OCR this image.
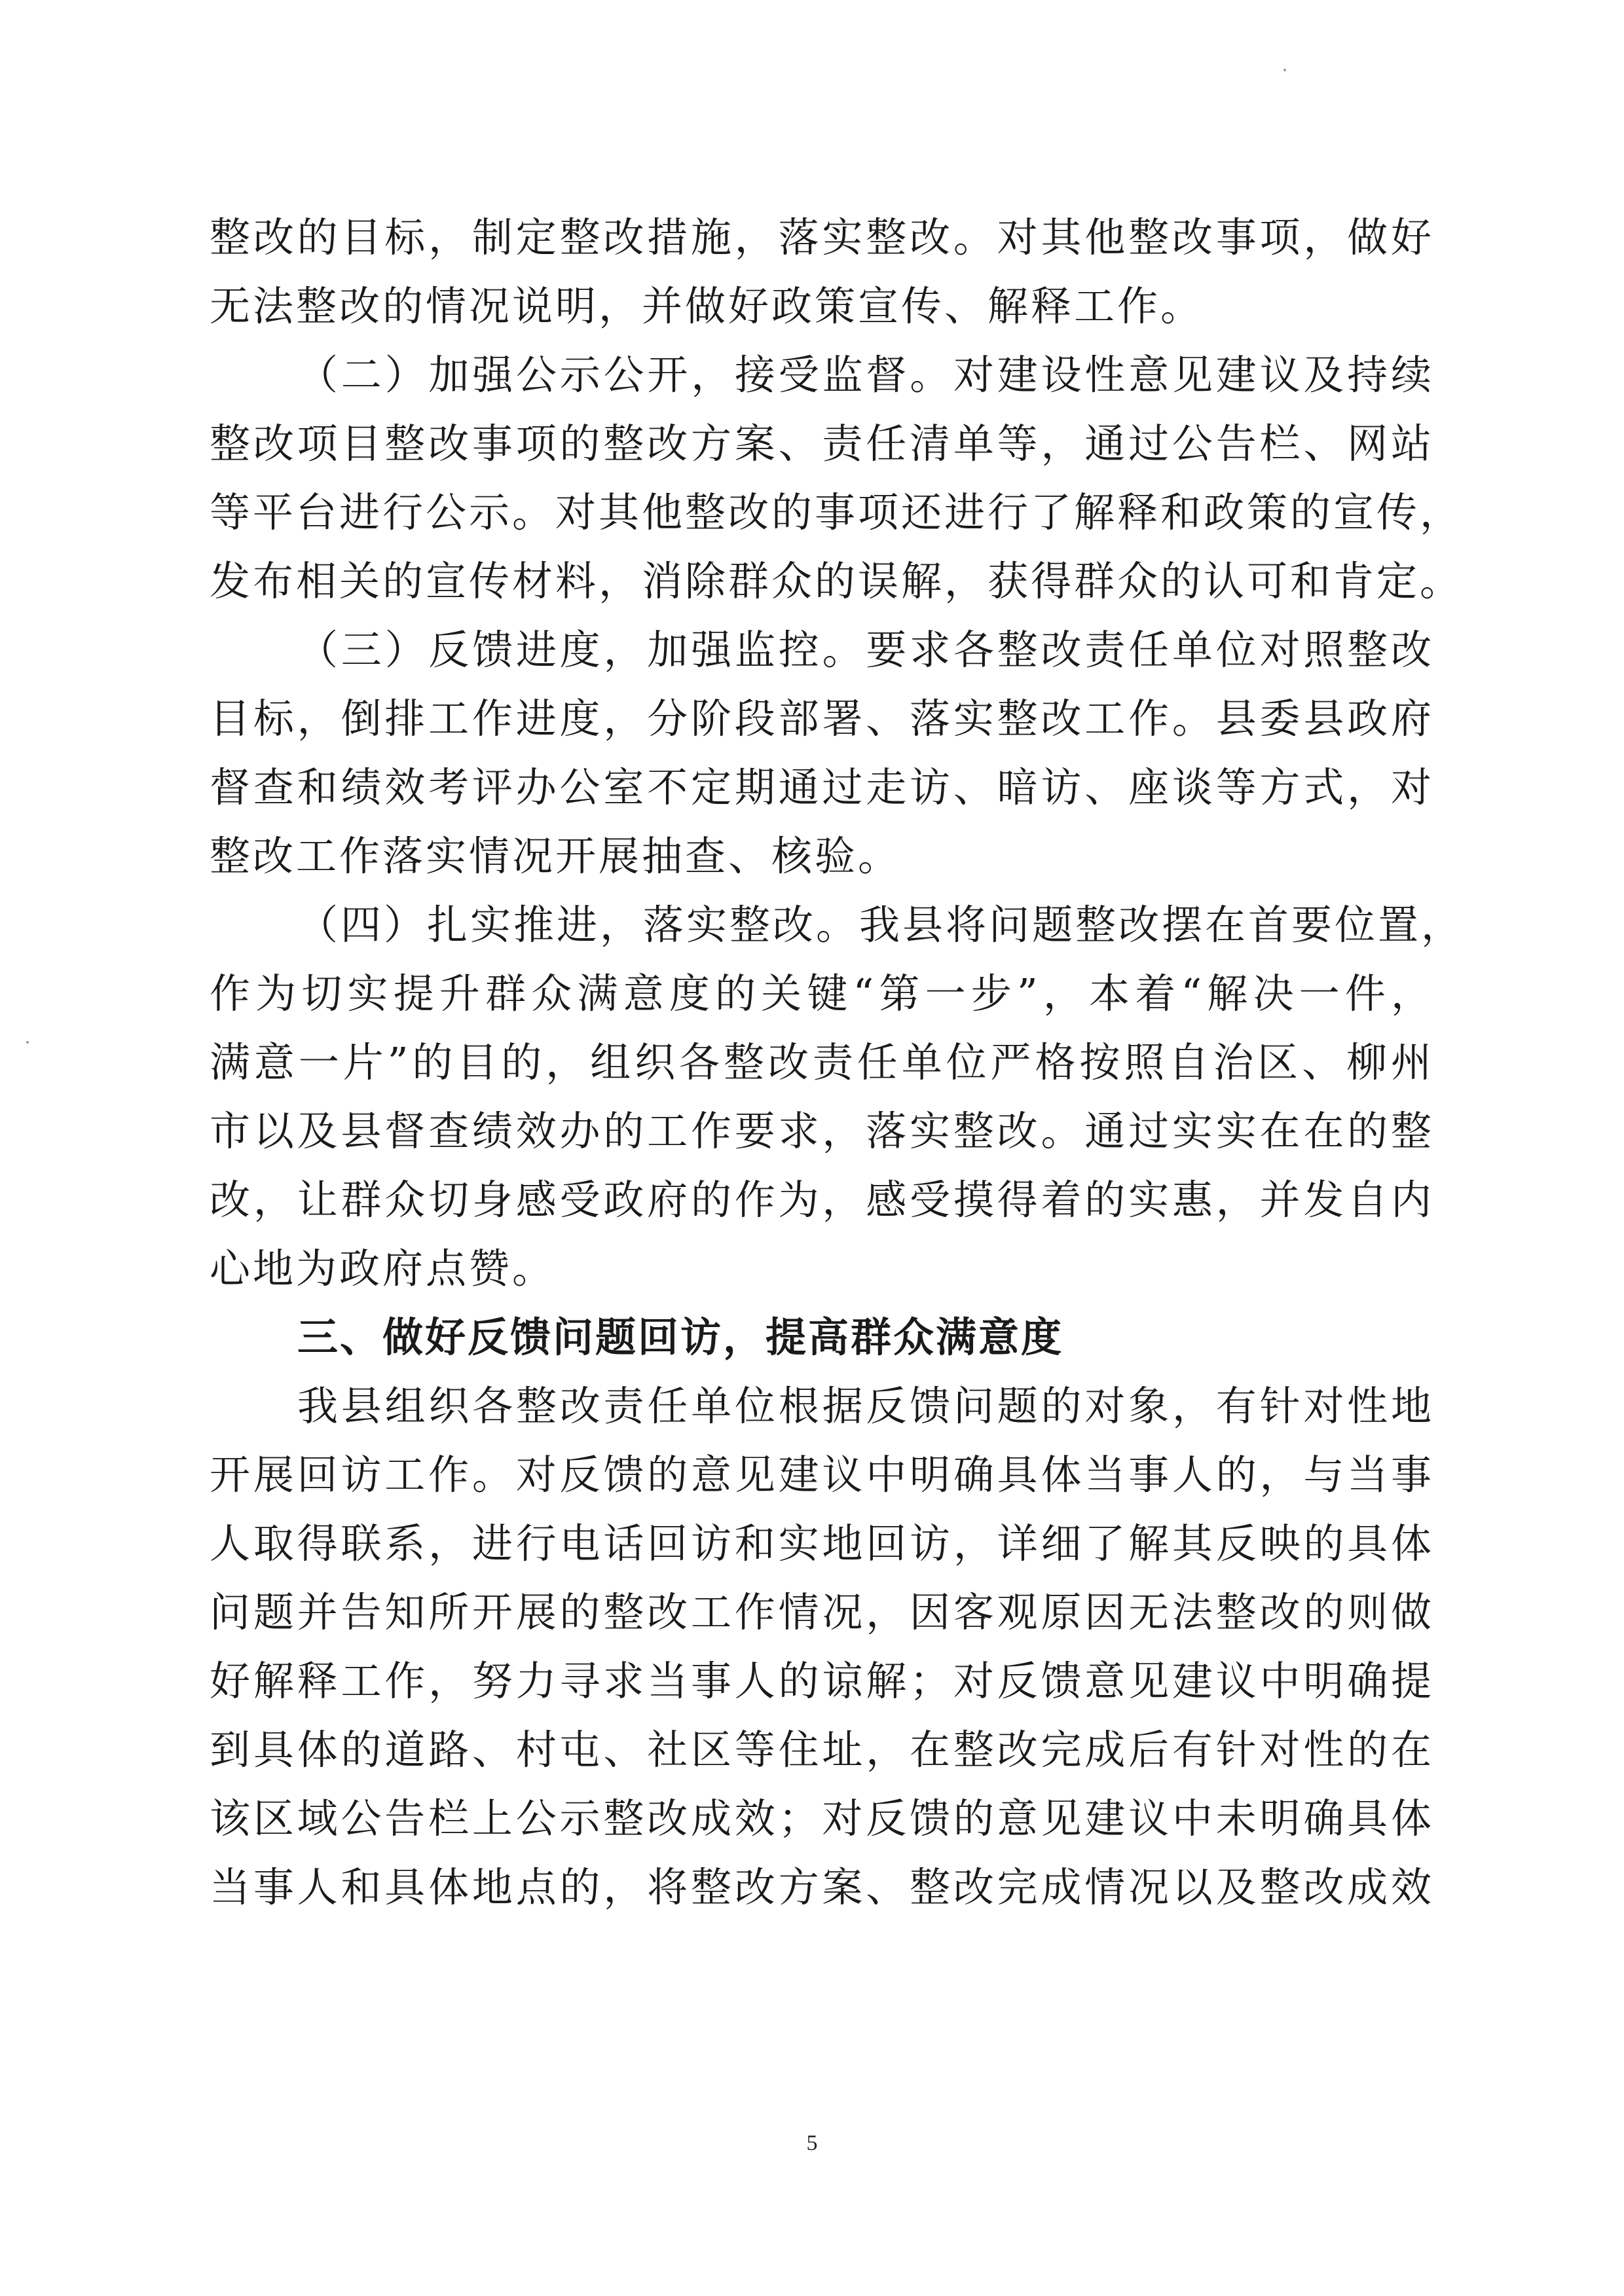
整改的目标，制定整改措施，落实整改。对其他整改事项，做好
无法整改的情况说明，并做好政策宣传、解释工作。
（二）加强公示公开，接受监督。对建设性意见建议及持续
整改项目整改事项的整改方案、责任清单等，通过公告栏、网站
等平台进行公示。对其他整改的事项还进行了解释和政策的宣传，
发布相关的宣传材料，消除群众的误解，获得群众的认可和肯定。
（三）反馈进度，加强监控。要求各整改责任单位对照整改
目标，倒排工作进度，分阶段部署、落实整改工作。县委县政府
督查和绩效考评办公室不定期通过走访、暗访、座谈等方式，对
整改工作落实情况开展抽查、核验。
（四）扎实推进，落实整改。我县将问题整改摆在首要位置，
作为切实提升群众满意度的关键“第一步”，本着“解决一件，
满意一片”的目的，组织各整改责任单位严格按照自治区、柳州
市以及县督查绩效办的工作要求，落实整改。通过实实在在的整
改，让群众切身感受政府的作为，感受摸得着的实惠，并发自内
心地为政府点赞。
三、做好反馈问题回访，提高群众满意度
我县组织各整改责任单位根据反馈问题的对象，有针对性地
开展回访工作。对反馈的意见建议中明确具体当事人的，与当事
人取得联系，进行电话回访和实地回访，详细了解其反映的具体
问题并告知所开展的整改工作情况，因客观原因无法整改的则做
好解释工作，努力寻求当事人的谅解；对反馈意见建议中明确提
到具体的道路、村屯、社区等住址，在整改完成后有针对性的在
该区域公告栏上公示整改成效；对反馈的意见建议中未明确具体
当事人和具体地点的，将整改方案、整改完成情况以及整改成效
5
